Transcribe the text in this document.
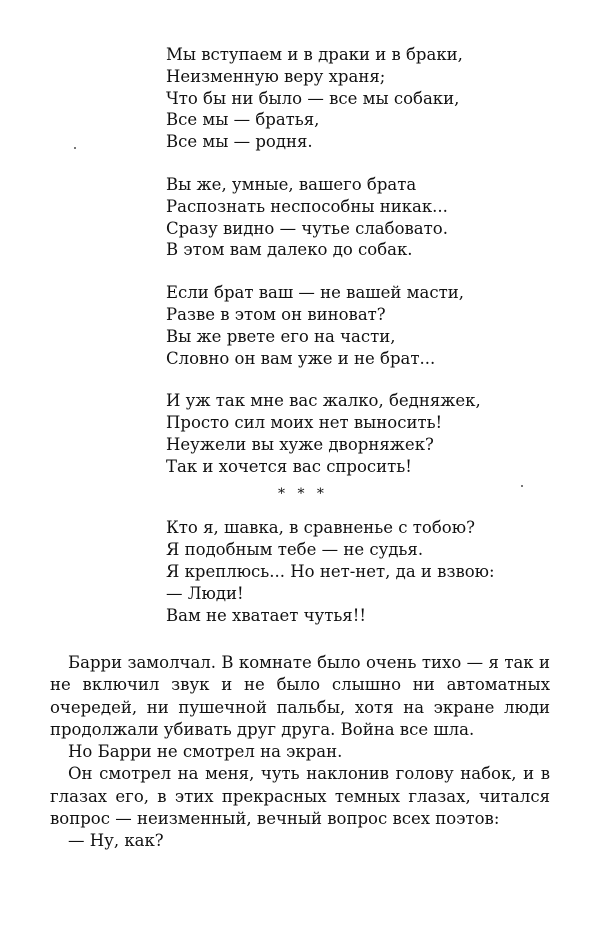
Мы вступаем и в драки и в браки,
Неизменную веру храня;
Что бы ни было — все мы собаки,
Все мы — братья,
Все мы — родня.
Вы же, умные, вашего брата
Распознать неспособны никак...
Сразу видно — чутье слабовато.
В этом вам далеко до собак.
Если брат ваш — не вашей масти,
Разве в этом он виноват?
Вы же рвете его на части,
Словно он вам уже и не брат...
И уж так мне вас жалко, бедняжек,
Просто сил моих нет выносить!
Неужели вы хуже дворняжек?
Так и хочется вас спросить!
* * *
Кто я, шавка, в сравненье с тобою?
Я подобным тебе — не судья.
Я креплюсь... Но нет-нет, да и взвою:
— Люди!
Вам не хватает чутья!!

Барри замолчал. В комнате было очень тихо — я так и не включил звук и не было слышно ни автоматных очередей, ни пушечной пальбы, хотя на экране люди продолжали убивать друг друга. Война все шла.

Но Барри не смотрел на экран.

Он смотрел на меня, чуть наклонив голову набок, и в глазах его, в этих прекрасных темных глазах, читался вопрос — неизменный, вечный вопрос всех поэтов:

— Ну, как?
